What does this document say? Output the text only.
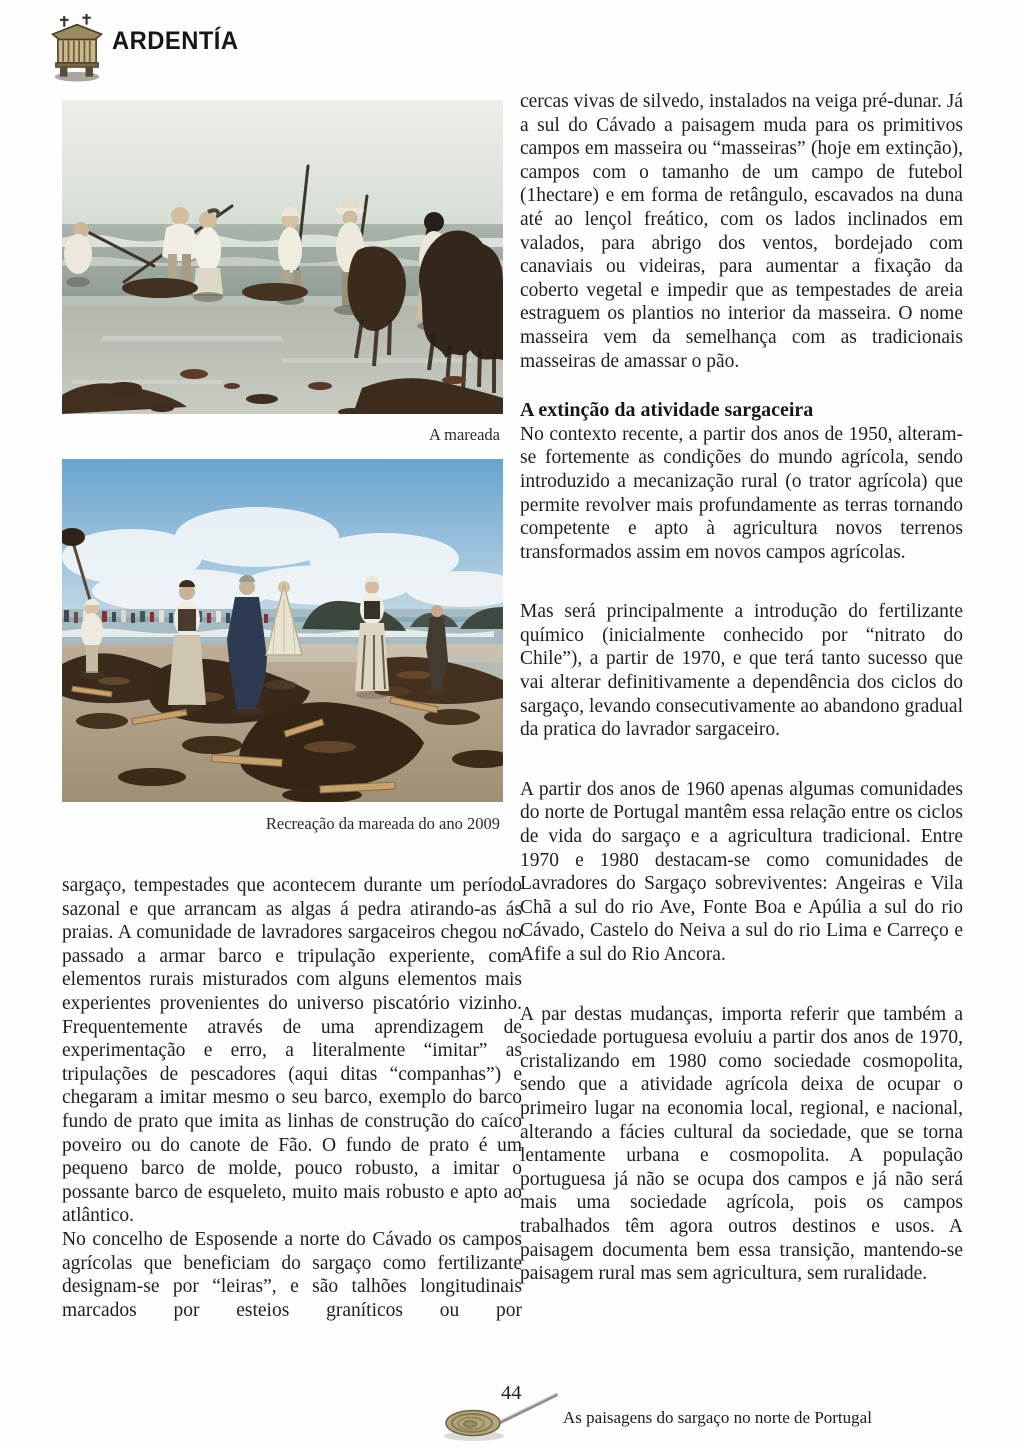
ARDENTÍA
A mareada
Recreação da mareada do ano 2009

sargaço, tempestades que acontecem durante um período sazonal e que arrancam as algas á pedra atirando-as ás praias. A comunidade de lavradores sargaceiros chegou no passado a armar barco e tripulação experiente, com elementos rurais misturados com alguns elementos mais experientes provenientes do universo piscatório vizinho. Frequentemente através de uma aprendizagem de experimentação e erro, a literalmente “imitar” as tripulações de pescadores (aqui ditas “companhas”) e chegaram a imitar mesmo o seu barco, exemplo do barco fundo de prato que imita as linhas de construção do caíco poveiro ou do canote de Fão. O fundo de prato é um pequeno barco de molde, pouco robusto, a imitar o possante barco de esqueleto, muito mais robusto e apto ao atlântico.

No concelho de Esposende a norte do Cávado os campos agrícolas que beneficiam do sargaço como fertilizante designam-se por “leiras”, e são talhões longitudinais marcados por esteios graníticos ou por

cercas vivas de silvedo, instalados na veiga pré-dunar. Já a sul do Cávado a paisagem muda para os primitivos campos em masseira ou “masseiras” (hoje em extinção), campos com o tamanho de um campo de futebol (1hectare) e em forma de retângulo, escavados na duna até ao lençol freático, com os lados inclinados em valados, para abrigo dos ventos, bordejado com canaviais ou videiras, para aumentar a fixação da coberto vegetal e impedir que as tempestades de areia estraguem os plantios no interior da masseira. O nome masseira vem da semelhança com as tradicionais masseiras de amassar o pão.

A extinção da atividade sargaceira

No contexto recente, a partir dos anos de 1950, alteram-se fortemente as condições do mundo agrícola, sendo introduzido a mecanização rural (o trator agrícola) que permite revolver mais profundamente as terras tornando competente e apto à agricultura novos terrenos transformados assim em novos campos agrícolas.

Mas será principalmente a introdução do fertilizante químico (inicialmente conhecido por “nitrato do Chile”), a partir de 1970, e que terá tanto sucesso que vai alterar definitivamente a dependência dos ciclos do sargaço, levando consecutivamente ao abandono gradual da pratica do lavrador sargaceiro.

A partir dos anos de 1960 apenas algumas comunidades do norte de Portugal mantêm essa relação entre os ciclos de vida do sargaço e a agricultura tradicional. Entre 1970 e 1980 destacam-se como comunidades de Lavradores do Sargaço sobreviventes: Angeiras e Vila Chã a sul do rio Ave, Fonte Boa e Apúlia a sul do rio Cávado, Castelo do Neiva a sul do rio Lima e Carreço e Afife a sul do Rio Ancora.

A par destas mudanças, importa referir que também a sociedade portuguesa evoluiu a partir dos anos de 1970, cristalizando em 1980 como sociedade cosmopolita, sendo que a atividade agrícola deixa de ocupar o primeiro lugar na economia local, regional, e nacional, alterando a fácies cultural da sociedade, que se torna lentamente urbana e cosmopolita. A população portuguesa já não se ocupa dos campos e já não será mais uma sociedade agrícola, pois os campos trabalhados têm agora outros destinos e usos. A paisagem documenta bem essa transição, mantendo-se paisagem rural mas sem agricultura, sem ruralidade.

44
As paisagens do sargaço no norte de Portugal
